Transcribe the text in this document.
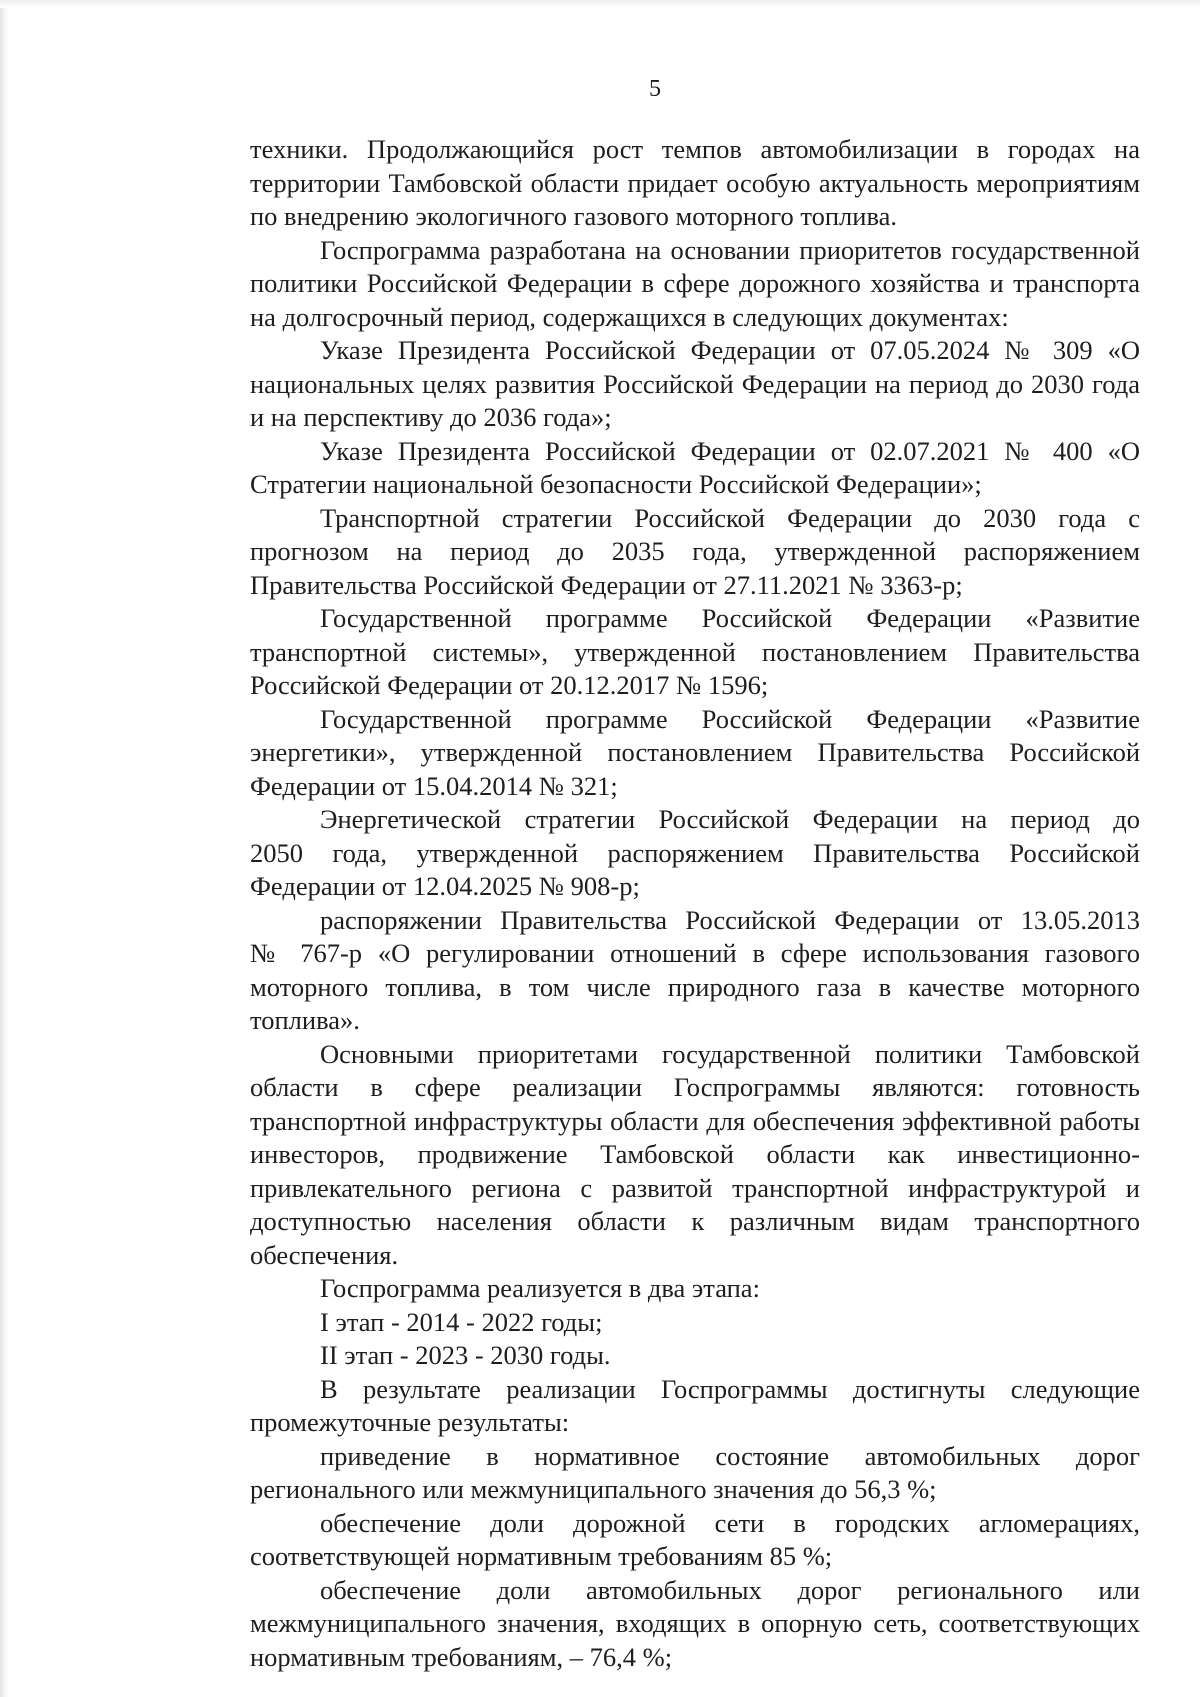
5
техники. Продолжающийся рост темпов автомобилизации в городах на
территории Тамбовской области придает особую актуальность мероприятиям
по внедрению экологичного газового моторного топлива.
Госпрограмма разработана на основании приоритетов государственной
политики Российской Федерации в сфере дорожного хозяйства и транспорта
на долгосрочный период, содержащихся в следующих документах:
Указе Президента Российской Федерации от 07.05.2024 № 309 «О
национальных целях развития Российской Федерации на период до 2030 года
и на перспективу до 2036 года»;
Указе Президента Российской Федерации от 02.07.2021 № 400 «О
Стратегии национальной безопасности Российской Федерации»;
Транспортной стратегии Российской Федерации до 2030 года с
прогнозом на период до 2035 года, утвержденной распоряжением
Правительства Российской Федерации от 27.11.2021 № 3363-р;
Государственной программе Российской Федерации «Развитие
транспортной системы», утвержденной постановлением Правительства
Российской Федерации от 20.12.2017 № 1596;
Государственной программе Российской Федерации «Развитие
энергетики», утвержденной постановлением Правительства Российской
Федерации от 15.04.2014 № 321;
Энергетической стратегии Российской Федерации на период до
2050 года, утвержденной распоряжением Правительства Российской
Федерации от 12.04.2025 № 908-р;
распоряжении Правительства Российской Федерации от 13.05.2013
№ 767-р «О регулировании отношений в сфере использования газового
моторного топлива, в том числе природного газа в качестве моторного
топлива».
Основными приоритетами государственной политики Тамбовской
области в сфере реализации Госпрограммы являются: готовность
транспортной инфраструктуры области для обеспечения эффективной работы
инвесторов, продвижение Тамбовской области как инвестиционно-
привлекательного региона с развитой транспортной инфраструктурой и
доступностью населения области к различным видам транспортного
обеспечения.
Госпрограмма реализуется в два этапа:
I этап - 2014 - 2022 годы;
II этап - 2023 - 2030 годы.
В результате реализации Госпрограммы достигнуты следующие
промежуточные результаты:
приведение в нормативное состояние автомобильных дорог
регионального или межмуниципального значения до 56,3 %;
обеспечение доли дорожной сети в городских агломерациях,
соответствующей нормативным требованиям 85 %;
обеспечение доли автомобильных дорог регионального или
межмуниципального значения, входящих в опорную сеть, соответствующих
нормативным требованиям, – 76,4 %;
